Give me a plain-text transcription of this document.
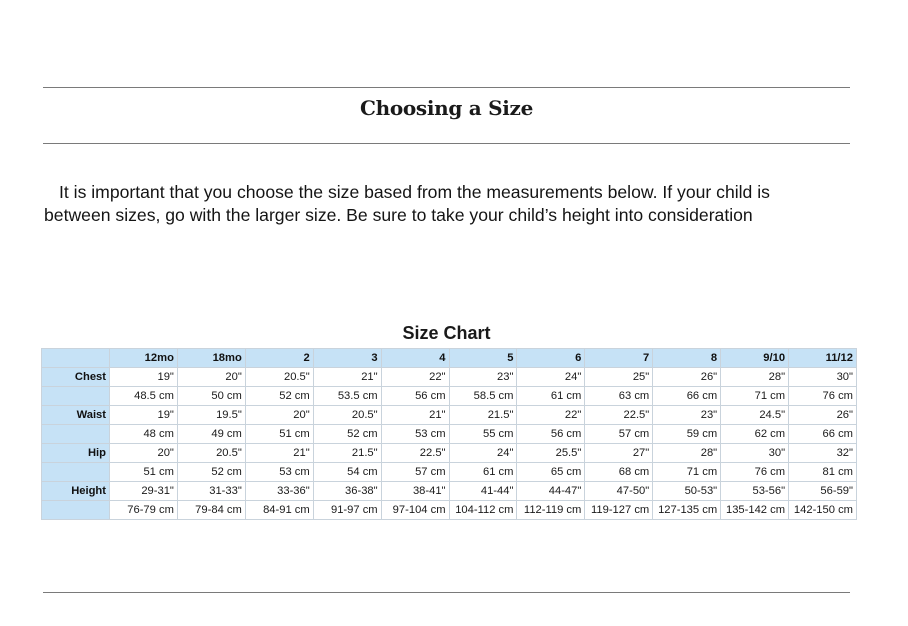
Choosing a Size
It is important that you choose the size based from the measurements below. If your child is
between sizes, go with the larger size. Be sure to take your child’s height into consideration
Size Chart
	12mo	18mo	2	3	4	5	6	7	8	9/10	11/12
Chest	19"	20"	20.5"	21"	22"	23"	24"	25"	26"	28"	30"
	48.5 cm	50 cm	52 cm	53.5 cm	56 cm	58.5 cm	61 cm	63 cm	66 cm	71 cm	76 cm
Waist	19"	19.5"	20"	20.5"	21"	21.5"	22"	22.5"	23"	24.5"	26"
	48 cm	49 cm	51 cm	52 cm	53 cm	55 cm	56 cm	57 cm	59 cm	62 cm	66 cm
Hip	20"	20.5"	21"	21.5"	22.5"	24"	25.5"	27"	28"	30"	32"
	51 cm	52 cm	53 cm	54 cm	57 cm	61 cm	65 cm	68 cm	71 cm	76 cm	81 cm
Height	29-31"	31-33"	33-36"	36-38"	38-41"	41-44"	44-47"	47-50"	50-53"	53-56"	56-59"
	76-79 cm	79-84 cm	84-91 cm	91-97 cm	97-104 cm	104-112 cm	112-119 cm	119-127 cm	127-135 cm	135-142 cm	142-150 cm
